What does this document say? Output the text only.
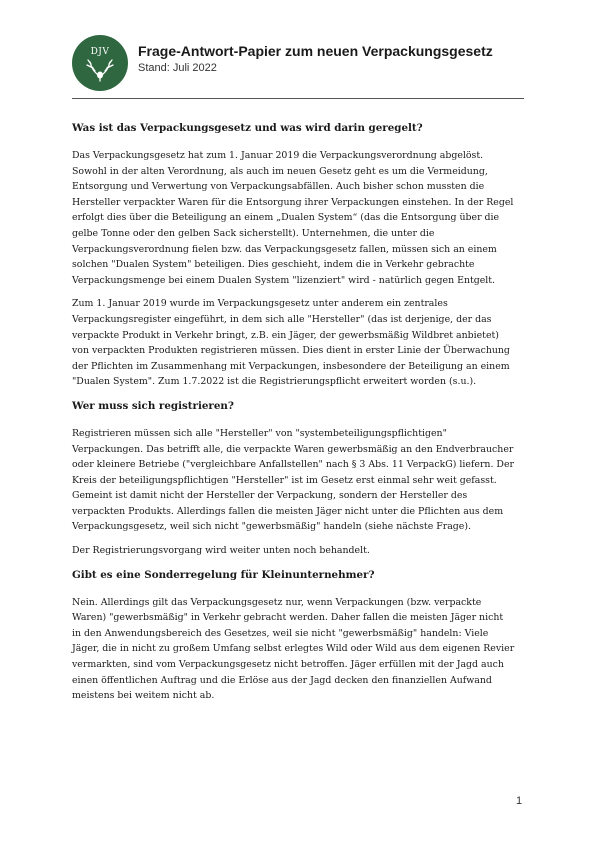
DJV Frage-Antwort-Papier zum neuen Verpackungsgesetz
Stand: Juli 2022
Was ist das Verpackungsgesetz und was wird darin geregelt?
Das Verpackungsgesetz hat zum 1. Januar 2019 die Verpackungsverordnung abgelöst.
Sowohl in der alten Verordnung, als auch im neuen Gesetz geht es um die Vermeidung,
Entsorgung und Verwertung von Verpackungsabfällen. Auch bisher schon mussten die
Hersteller verpackter Waren für die Entsorgung ihrer Verpackungen einstehen. In der Regel
erfolgt dies über die Beteiligung an einem „Dualen System“ (das die Entsorgung über die
gelbe Tonne oder den gelben Sack sicherstellt). Unternehmen, die unter die
Verpackungsverordnung fielen bzw. das Verpackungsgesetz fallen, müssen sich an einem
solchen "Dualen System" beteiligen. Dies geschieht, indem die in Verkehr gebrachte
Verpackungsmenge bei einem Dualen System "lizenziert" wird - natürlich gegen Entgelt.
Zum 1. Januar 2019 wurde im Verpackungsgesetz unter anderem ein zentrales
Verpackungsregister eingeführt, in dem sich alle "Hersteller" (das ist derjenige, der das
verpackte Produkt in Verkehr bringt, z.B. ein Jäger, der gewerbsmäßig Wildbret anbietet)
von verpackten Produkten registrieren müssen. Dies dient in erster Linie der Überwachung
der Pflichten im Zusammenhang mit Verpackungen, insbesondere der Beteiligung an einem
"Dualen System". Zum 1.7.2022 ist die Registrierungspflicht erweitert worden (s.u.).
Wer muss sich registrieren?
Registrieren müssen sich alle "Hersteller" von "systembeteiligungspflichtigen"
Verpackungen. Das betrifft alle, die verpackte Waren gewerbsmäßig an den Endverbraucher
oder kleinere Betriebe ("vergleichbare Anfallstellen" nach § 3 Abs. 11 VerpackG) liefern. Der
Kreis der beteiligungspflichtigen "Hersteller" ist im Gesetz erst einmal sehr weit gefasst.
Gemeint ist damit nicht der Hersteller der Verpackung, sondern der Hersteller des
verpackten Produkts. Allerdings fallen die meisten Jäger nicht unter die Pflichten aus dem
Verpackungsgesetz, weil sich nicht "gewerbsmäßig" handeln (siehe nächste Frage).
Der Registrierungsvorgang wird weiter unten noch behandelt.
Gibt es eine Sonderregelung für Kleinunternehmer?
Nein. Allerdings gilt das Verpackungsgesetz nur, wenn Verpackungen (bzw. verpackte
Waren) "gewerbsmäßig" in Verkehr gebracht werden. Daher fallen die meisten Jäger nicht
in den Anwendungsbereich des Gesetzes, weil sie nicht "gewerbsmäßig" handeln: Viele
Jäger, die in nicht zu großem Umfang selbst erlegtes Wild oder Wild aus dem eigenen Revier
vermarkten, sind vom Verpackungsgesetz nicht betroffen. Jäger erfüllen mit der Jagd auch
einen öffentlichen Auftrag und die Erlöse aus der Jagd decken den finanziellen Aufwand
meistens bei weitem nicht ab.
1
